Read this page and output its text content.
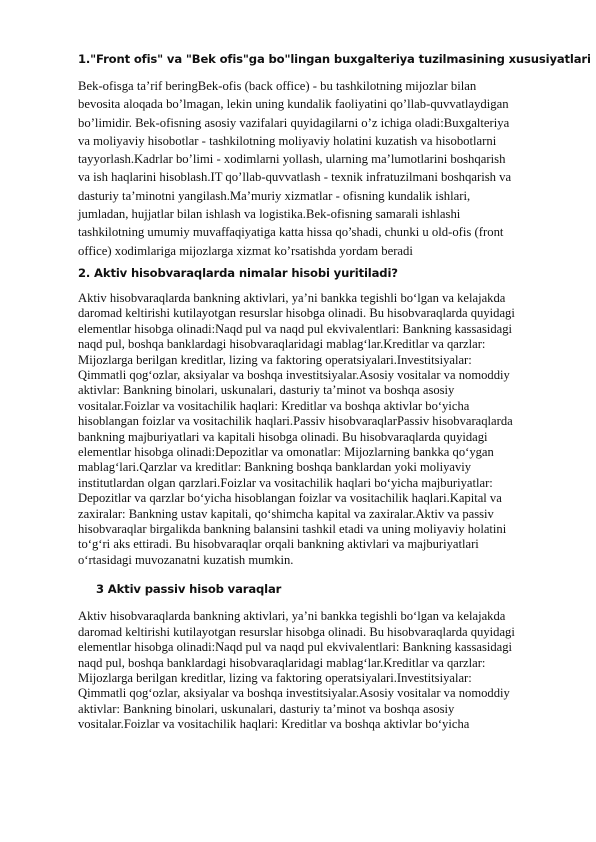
1."Front ofis" va "Bek ofis"ga bo"lingan buxgalteriya tuzilmasining xususiyatlari

Bek-ofisga ta’rif beringBek-ofis (back office) - bu tashkilotning mijozlar bilan bevosita aloqada bo’lmagan, lekin uning kundalik faoliyatini qo’llab-quvvatlaydigan bo’limidir. Bek-ofisning asosiy vazifalari quyidagilarni o’z ichiga oladi:Buxgalteriya va moliyaviy hisobotlar - tashkilotning moliyaviy holatini kuzatish va hisobotlarni tayyorlash.Kadrlar bo’limi - xodimlarni yollash, ularning ma’lumotlarini boshqarish va ish haqlarini hisoblash.IT qo’llab-quvvatlash - texnik infratuzilmani boshqarish va dasturiy ta’minotni yangilash.Ma’muriy xizmatlar - ofisning kundalik ishlari, jumladan, hujjatlar bilan ishlash va logistika.Bek-ofisning samarali ishlashi tashkilotning umumiy muvaffaqiyatiga katta hissa qo’shadi, chunki u old-ofis (front office) xodimlariga mijozlarga xizmat ko’rsatishda yordam beradi

2. Aktiv hisobvaraqlarda nimalar hisobi yuritiladi?

Aktiv hisobvaraqlarda bankning aktivlari, ya’ni bankka tegishli bo‘lgan va kelajakda daromad keltirishi kutilayotgan resurslar hisobga olinadi. Bu hisobvaraqlarda quyidagi elementlar hisobga olinadi:Naqd pul va naqd pul ekvivalentlari: Bankning kassasidagi naqd pul, boshqa banklardagi hisobvaraqlaridagi mablag‘lar.Kreditlar va qarzlar: Mijozlarga berilgan kreditlar, lizing va faktoring operatsiyalari.Investitsiyalar: Qimmatli qog‘ozlar, aksiyalar va boshqa investitsiyalar.Asosiy vositalar va nomoddiy aktivlar: Bankning binolari, uskunalari, dasturiy ta’minot va boshqa asosiy vositalar.Foizlar va vositachilik haqlari: Kreditlar va boshqa aktivlar bo‘yicha hisoblangan foizlar va vositachilik haqlari.Passiv hisobvaraqlarPassiv hisobvaraqlarda bankning majburiyatlari va kapitali hisobga olinadi. Bu hisobvaraqlarda quyidagi elementlar hisobga olinadi:Depozitlar va omonatlar: Mijozlarning bankka qo‘ygan mablag‘lari.Qarzlar va kreditlar: Bankning boshqa banklardan yoki moliyaviy institutlardan olgan qarzlari.Foizlar va vositachilik haqlari bo‘yicha majburiyatlar: Depozitlar va qarzlar bo‘yicha hisoblangan foizlar va vositachilik haqlari.Kapital va zaxiralar: Bankning ustav kapitali, qo‘shimcha kapital va zaxiralar.Aktiv va passiv hisobvaraqlar birgalikda bankning balansini tashkil etadi va uning moliyaviy holatini to‘g‘ri aks ettiradi. Bu hisobvaraqlar orqali bankning aktivlari va majburiyatlari o‘rtasidagi muvozanatni kuzatish mumkin.

3 Aktiv passiv hisob varaqlar

Aktiv hisobvaraqlarda bankning aktivlari, ya’ni bankka tegishli bo‘lgan va kelajakda daromad keltirishi kutilayotgan resurslar hisobga olinadi. Bu hisobvaraqlarda quyidagi elementlar hisobga olinadi:Naqd pul va naqd pul ekvivalentlari: Bankning kassasidagi naqd pul, boshqa banklardagi hisobvaraqlaridagi mablag‘lar.Kreditlar va qarzlar: Mijozlarga berilgan kreditlar, lizing va faktoring operatsiyalari.Investitsiyalar: Qimmatli qog‘ozlar, aksiyalar va boshqa investitsiyalar.Asosiy vositalar va nomoddiy aktivlar: Bankning binolari, uskunalari, dasturiy ta’minot va boshqa asosiy vositalar.Foizlar va vositachilik haqlari: Kreditlar va boshqa aktivlar bo‘yicha
